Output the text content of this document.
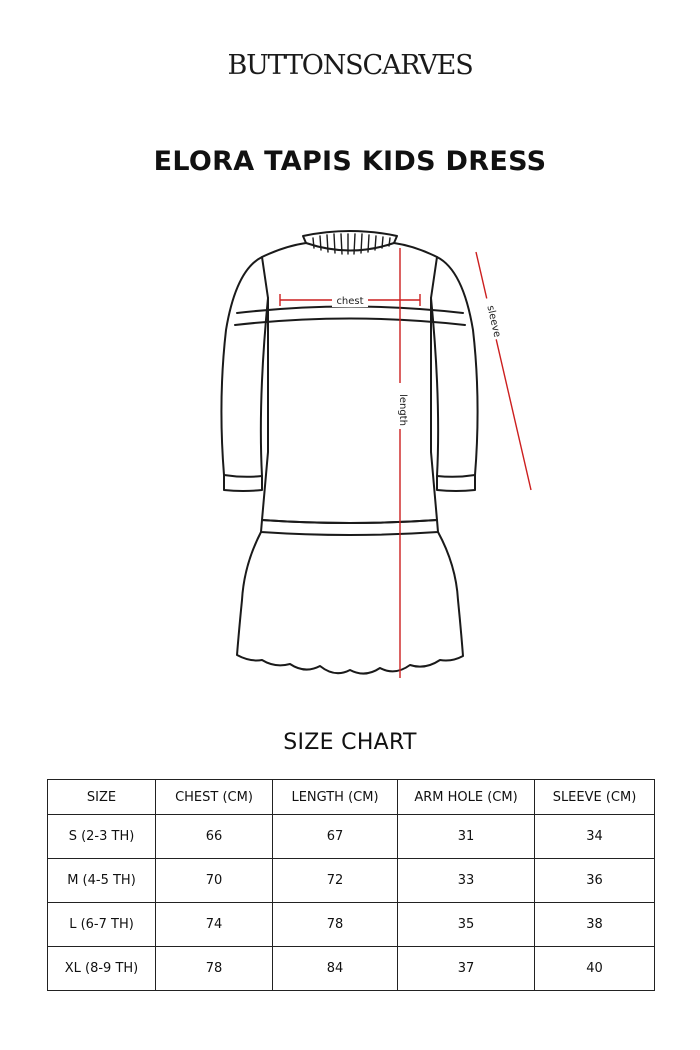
BUTTONSCARVES
ELORA TAPIS KIDS DRESS
chest
length
sleeve
SIZE CHART
SIZE	CHEST (CM)	LENGTH (CM)	ARM HOLE (CM)	SLEEVE (CM)
S (2-3 TH)	66	67	31	34
M (4-5 TH)	70	72	33	36
L (6-7 TH)	74	78	35	38
XL (8-9 TH)	78	84	37	40
